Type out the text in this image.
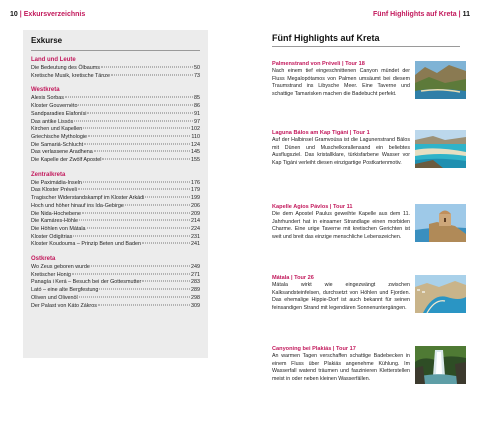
10 | Exkursverzeichnis	Fünf Highlights auf Kreta | 11
Exkurse
Land und Leute
Die Bedeutung des Ölbaums	50
Kretische Musik, kretische Tänze	73
Westkreta
Alexis Sorbas	85
Kloster Gouvernéto	86
Sandparadies Elafonísi	91
Das antike Lissós	97
Kirchen und Kapellen	102
Griechische Mythologie	110
Die Samariá-Schlucht	124
Das verlassene Aradhena	145
Die Kapelle der Zwölf Apostel	155
Zentralkreta
Die Paximádia-Inseln	176
Das Kloster Préveli	179
Tragischer Widerstandskampf im Kloster Arkádi	199
Hoch und höher hinauf ins Ida-Gebirge	206
Die Nida-Hochebene	209
Die Kamáres-Höhle	214
Die Höhlen von Mátala	224
Kloster Odigítrias	231
Kloster Koudouma – Prinzip Beten und Baden	241
Ostkreta
Wo Zeus geboren wurde	249
Kretischer Honig	271
Panagía i Kerá – Besuch bei der Gottesmutter	283
Lató – eine alte Bergfestung	289
Oliven und Olivenöl	298
Der Palast von Káto Zákros	309
Fünf Highlights auf Kreta
Palmenstrand von Préveli | Tour 18
Nach einem tief eingeschnittenen Canyon mündet der Fluss Megalopótamos von Palmen umsäumt bei diesem Traumstrand ins Libysche Meer. Eine Taverne und schattige Tamarisken machen die Badebucht perfekt.
Laguna Bálos am Kap Tigáni | Tour 1
Auf der Halbinsel Gramvoúsa ist die Lagunenstrand Bálos mit Dünen und Muschelkorallensand ein beliebtes Ausflugsziel. Das kristallklare, türkisfarbene Wasser vor Kap Tigáni verleiht diesen einzigartige Postkartenmotiv.
Kapelle Agios Pávlos | Tour 11
Die dem Apostel Paulus geweihte Kapelle aus dem 11. Jahrhundert hat in einsamer Strandlage einen morbiden Charme. Eine urige Taverne mit kretischen Gerichten ist weit und breit das einzige menschliche Lebenszeichen.
Mátala | Tour 26
Mátala wirkt wie eingezwängt zwischen Kalksandsteinfelsen, durchsetzt von Höhlen und Fjorden. Das ehemalige Hippie-Dorf ist auch bekannt für seinen feinsandigen Strand mit legendären Sonnenuntergängen.
Canyoning bei Plakiás | Tour 17
An warmen Tagen verschaffen schattige Badebecken in einem Fluss über Plakiás angenehme Kühlung. Im Wasserfall watend träumen und faszinieren Kletterstellen meist in oder neben kleinen Wasserfällen.
